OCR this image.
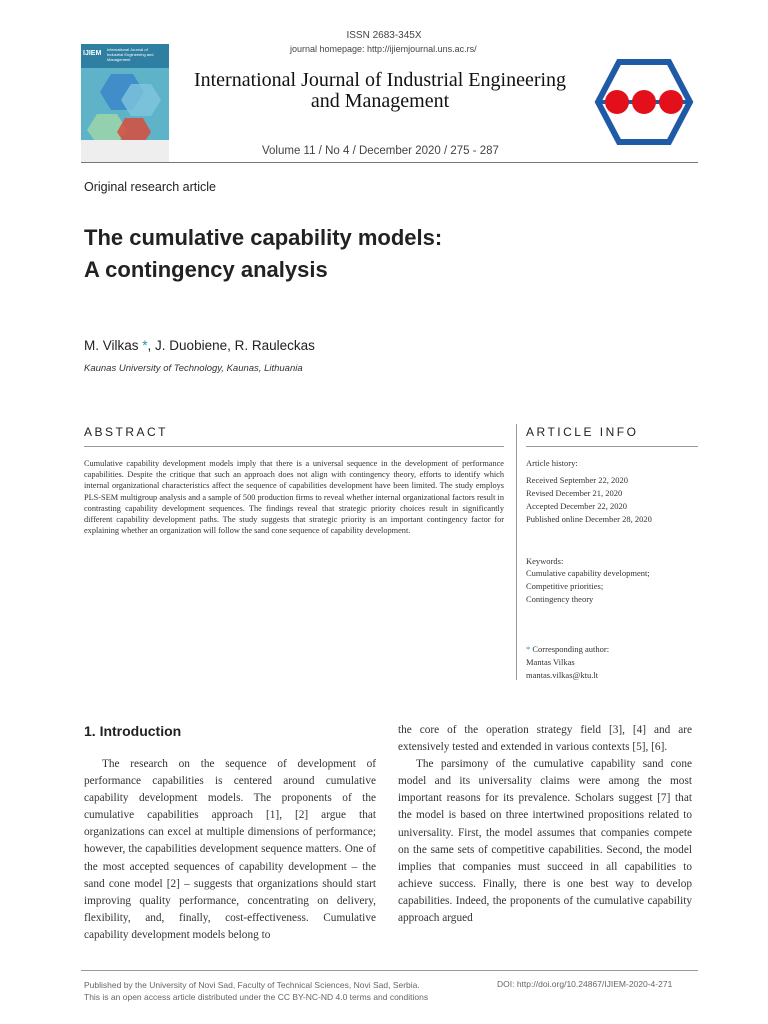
ISSN 2683-345X
IJIEM
International Journal of Industrial Engineering and Management
journal homepage: http://ijiemjournal.uns.ac.rs/
International Journal of Industrial Engineering and Management
Volume 11 / No 4 / December 2020 / 275 - 287
Original research article
The cumulative capability models:
A contingency analysis
M. Vilkas *, J. Duobiene, R. Rauleckas
Kaunas University of Technology, Kaunas, Lithuania
ABSTRACT
Cumulative capability development models imply that there is a universal sequence in the development of performance capabilities. Despite the critique that such an approach does not align with contingency theory, efforts to identify which internal organizational characteristics affect the sequence of capabilities development have been limited. The study employs PLS-SEM multigroup analysis and a sample of 500 production firms to reveal whether internal organizational factors result in contrasting capability development sequences. The findings reveal that strategic priority choices result in significantly different capability development paths. The study suggests that strategic priority is an important contingency factor for explaining whether an organization will follow the sand cone sequence of capability development.
ARTICLE INFO
Article history:
Received September 22, 2020
Revised December 21, 2020
Accepted December 22, 2020
Published online December 28, 2020
Keywords:
Cumulative capability development;
Competitive priorities;
Contingency theory
* Corresponding author:
Mantas Vilkas
mantas.vilkas@ktu.lt
1. Introduction

The research on the sequence of development of performance capabilities is centered around cumulative capability development models. The proponents of the cumulative capabilities approach [1], [2] argue that organizations can excel at multiple dimensions of performance; however, the capabilities development sequence matters. One of the most accepted sequences of capability development – the sand cone model [2] – suggests that organizations should start improving quality performance, concentrating on delivery, flexibility, and, finally, cost-effectiveness. Cumulative capability development models belong to

the core of the operation strategy field [3], [4] and are extensively tested and extended in various contexts [5], [6].

The parsimony of the cumulative capability sand cone model and its universality claims were among the most important reasons for its prevalence. Scholars suggest [7] that the model is based on three intertwined propositions related to universality. First, the model assumes that companies compete on the same sets of competitive capabilities. Second, the model implies that companies must succeed in all capabilities to achieve success. Finally, there is one best way to develop capabilities. Indeed, the proponents of the cumulative capability approach argued

Published by the University of Novi Sad, Faculty of Technical Sciences, Novi Sad, Serbia.
This is an open access article distributed under the CC BY-NC-ND 4.0 terms and conditions
DOI: http://doi.org/10.24867/IJIEM-2020-4-271
